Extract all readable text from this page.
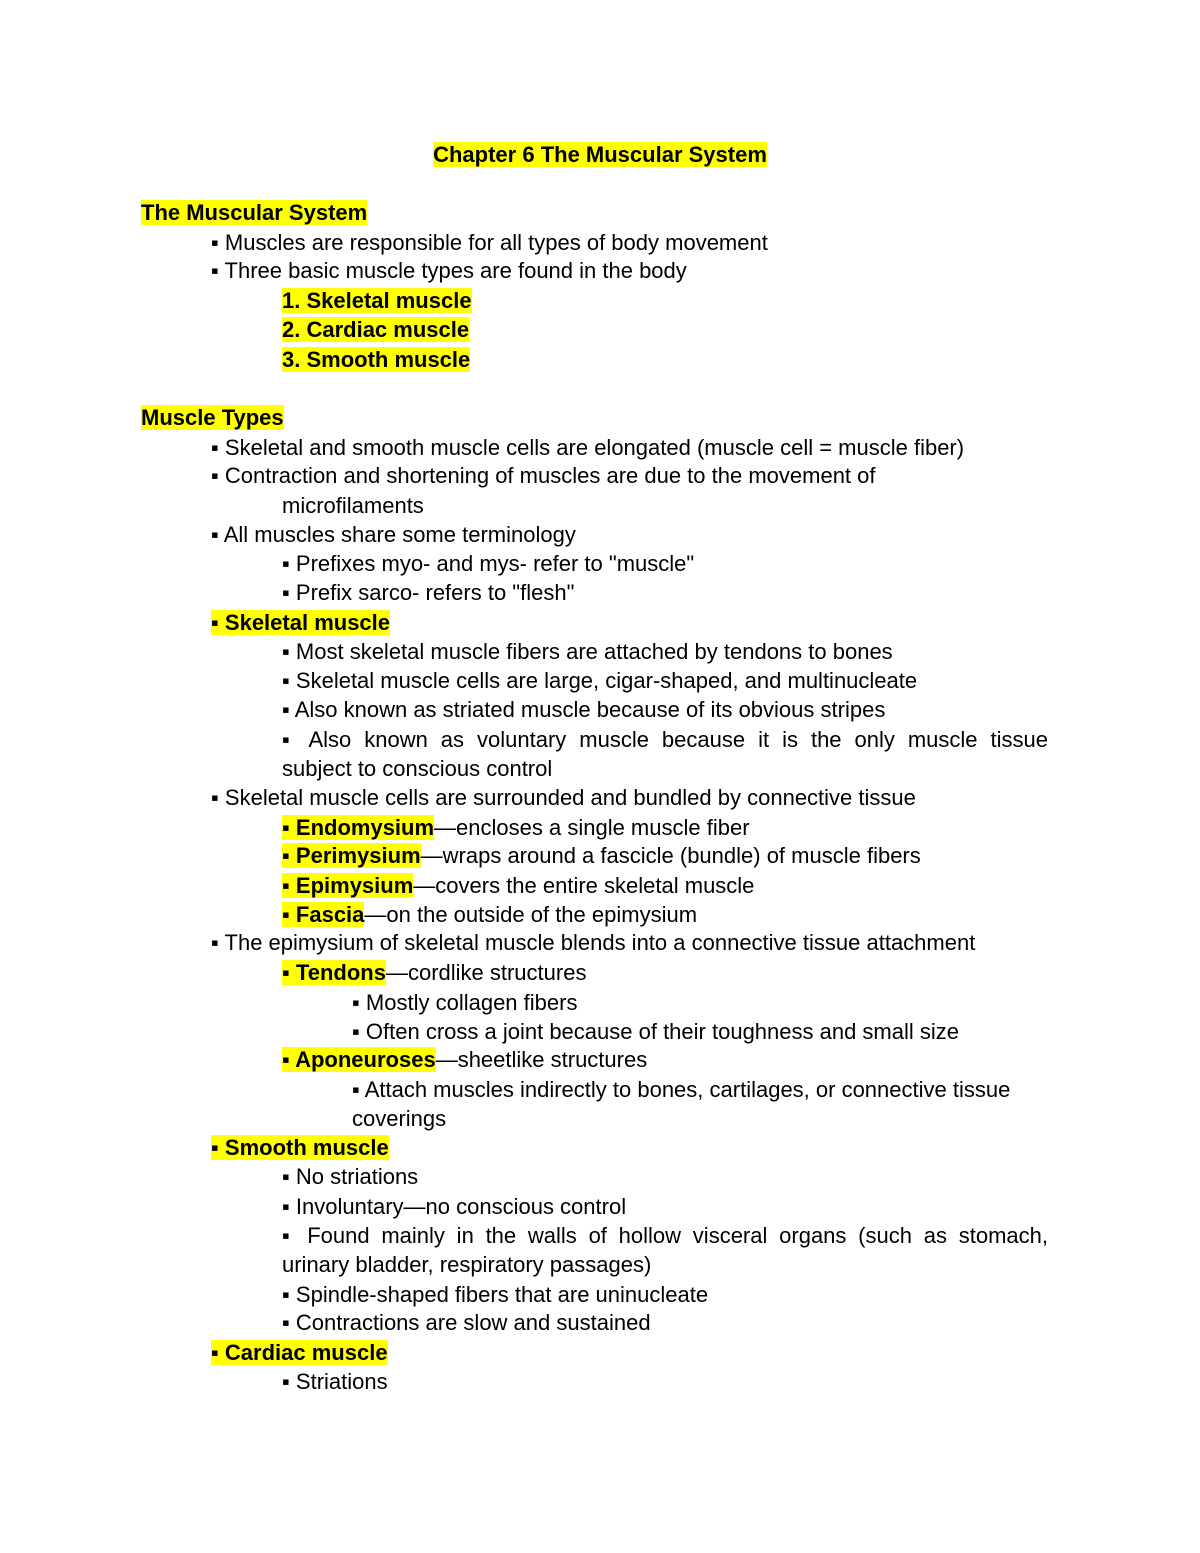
Chapter 6 The Muscular System
The Muscular System
▪ Muscles are responsible for all types of body movement
▪ Three basic muscle types are found in the body
1. Skeletal muscle
2. Cardiac muscle
3. Smooth muscle
Muscle Types
▪ Skeletal and smooth muscle cells are elongated (muscle cell = muscle fiber)
▪ Contraction and shortening of muscles are due to the movement of
microfilaments
▪ All muscles share some terminology
▪ Prefixes myo- and mys- refer to "muscle"
▪ Prefix sarco- refers to "flesh"
▪ Skeletal muscle
▪ Most skeletal muscle fibers are attached by tendons to bones
▪ Skeletal muscle cells are large, cigar-shaped, and multinucleate
▪ Also known as striated muscle because of its obvious stripes
▪ Also known as voluntary muscle because it is the only muscle tissue
subject to conscious control
▪ Skeletal muscle cells are surrounded and bundled by connective tissue
▪ Endomysium—encloses a single muscle fiber
▪ Perimysium—wraps around a fascicle (bundle) of muscle fibers
▪ Epimysium—covers the entire skeletal muscle
▪ Fascia—on the outside of the epimysium
▪ The epimysium of skeletal muscle blends into a connective tissue attachment
▪ Tendons—cordlike structures
▪ Mostly collagen fibers
▪ Often cross a joint because of their toughness and small size
▪ Aponeuroses—sheetlike structures
▪ Attach muscles indirectly to bones, cartilages, or connective tissue
coverings
▪ Smooth muscle
▪ No striations
▪ Involuntary—no conscious control
▪ Found mainly in the walls of hollow visceral organs (such as stomach,
urinary bladder, respiratory passages)
▪ Spindle-shaped fibers that are uninucleate
▪ Contractions are slow and sustained
▪ Cardiac muscle
▪ Striations
